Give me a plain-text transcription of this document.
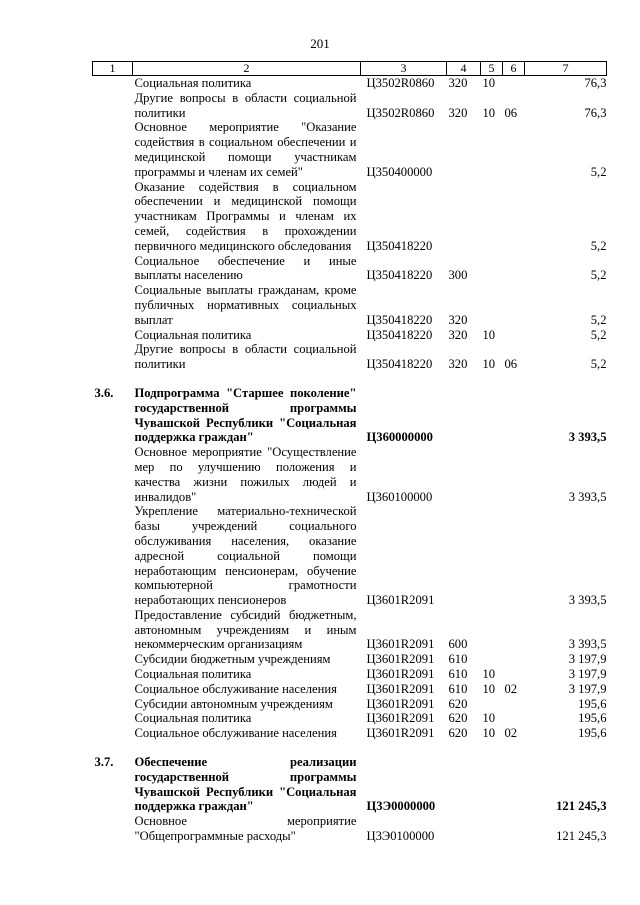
201
1	2	3	4	5	6	7
	Социальная политика	Ц3502R0860	320	10		76,3
	Другие вопросы в области социальной политики	Ц3502R0860	320	10	06	76,3
	Основное мероприятие "Оказание содействия в социальном обеспечении и медицинской помощи участникам программы и членам их семей"	Ц350400000				5,2
	Оказание содействия в социальном обеспечении и медицинской помощи участникам Программы и членам их семей, содействия в прохождении первичного медицинского обследования	Ц350418220				5,2
	Социальное обеспечение и иные выплаты населению	Ц350418220	300			5,2
	Социальные выплаты гражданам, кроме публичных нормативных социальных выплат	Ц350418220	320			5,2
	Социальная политика	Ц350418220	320	10		5,2
	Другие вопросы в области социальной политики	Ц350418220	320	10	06	5,2

3.6.	Подпрограмма "Старшее поколение" государственной программы Чувашской Республики "Социальная поддержка граждан"	Ц360000000				3 393,5
	Основное мероприятие "Осуществление мер по улучшению положения и качества жизни пожилых людей и инвалидов"	Ц360100000				3 393,5
	Укрепление материально-технической базы учреждений социального обслуживания населения, оказание адресной социальной помощи неработающим пенсионерам, обучение компьютерной грамотности неработающих пенсионеров	Ц3601R2091				3 393,5
	Предоставление субсидий бюджетным, автономным учреждениям и иным некоммерческим организациям	Ц3601R2091	600			3 393,5
	Субсидии бюджетным учреждениям	Ц3601R2091	610			3 197,9
	Социальная политика	Ц3601R2091	610	10		3 197,9
	Социальное обслуживание населения	Ц3601R2091	610	10	02	3 197,9
	Субсидии автономным учреждениям	Ц3601R2091	620			195,6
	Социальная политика	Ц3601R2091	620	10		195,6
	Социальное обслуживание населения	Ц3601R2091	620	10	02	195,6

3.7.	Обеспечение реализации государственной программы Чувашской Республики "Социальная поддержка граждан"	Ц3Э0000000				121 245,3
	Основное мероприятие "Общепрограммные расходы"	Ц3Э0100000				121 245,3
